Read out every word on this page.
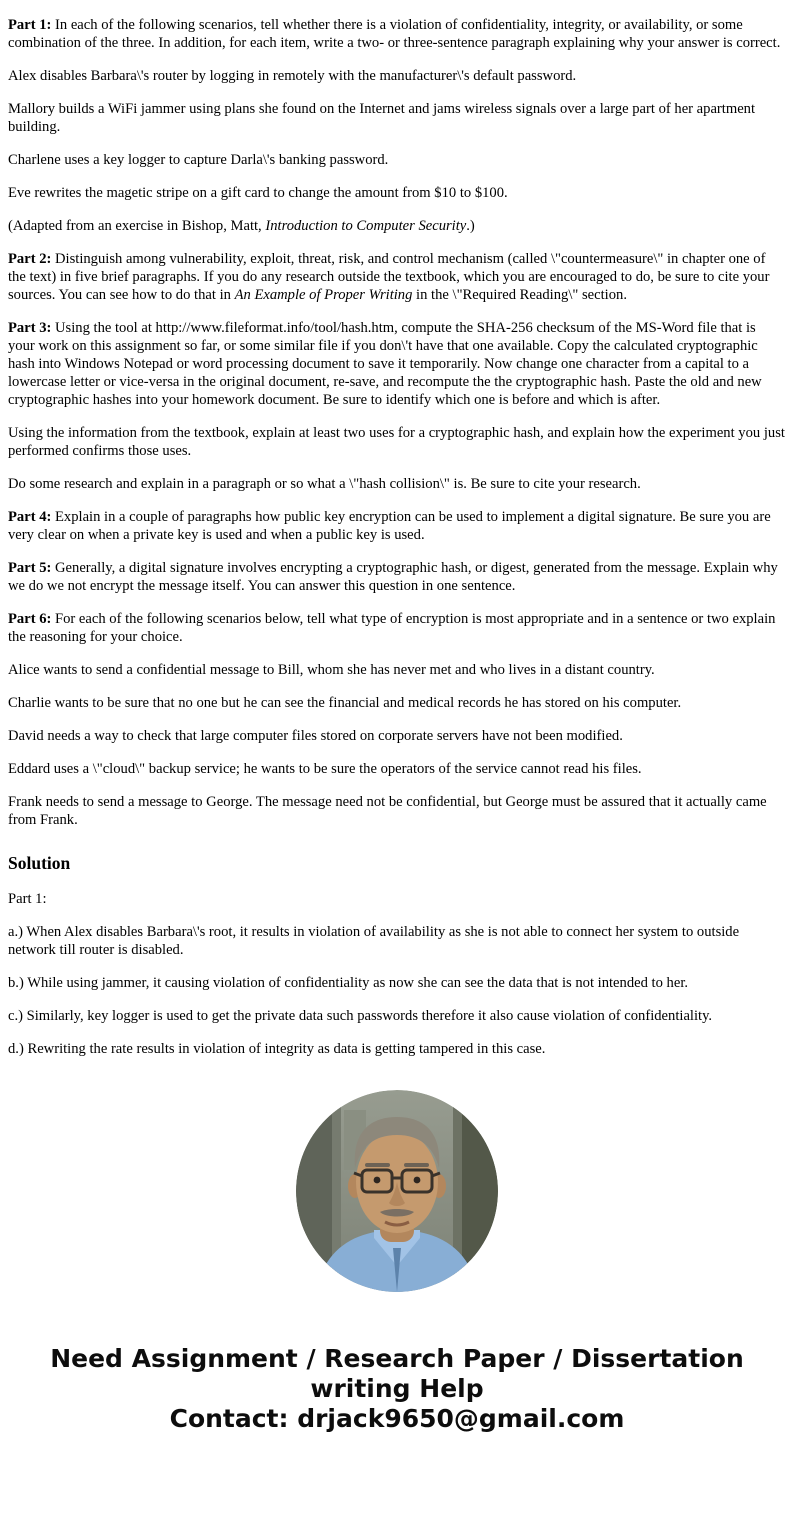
Part 1: In each of the following scenarios, tell whether there is a violation of confidentiality, integrity, or availability, or some combination of the three. In addition, for each item, write a two- or three-sentence paragraph explaining why your answer is correct.

Alex disables Barbara\'s router by logging in remotely with the manufacturer\'s default password.

Mallory builds a WiFi jammer using plans she found on the Internet and jams wireless signals over a large part of her apartment building.

Charlene uses a key logger to capture Darla\'s banking password.

Eve rewrites the magetic stripe on a gift card to change the amount from $10 to $100.

(Adapted from an exercise in Bishop, Matt, Introduction to Computer Security.)

Part 2: Distinguish among vulnerability, exploit, threat, risk, and control mechanism (called \"countermeasure\" in chapter one of the text) in five brief paragraphs. If you do any research outside the textbook, which you are encouraged to do, be sure to cite your sources. You can see how to do that in An Example of Proper Writing in the \"Required Reading\" section.

Part 3: Using the tool at http://www.fileformat.info/tool/hash.htm, compute the SHA-256 checksum of the MS-Word file that is your work on this assignment so far, or some similar file if you don\'t have that one available. Copy the calculated cryptographic hash into Windows Notepad or word processing document to save it temporarily. Now change one character from a capital to a lowercase letter or vice-versa in the original document, re-save, and recompute the the cryptographic hash. Paste the old and new cryptographic hashes into your homework document. Be sure to identify which one is before and which is after.

Using the information from the textbook, explain at least two uses for a cryptographic hash, and explain how the experiment you just performed confirms those uses.

Do some research and explain in a paragraph or so what a \"hash collision\" is. Be sure to cite your research.

Part 4: Explain in a couple of paragraphs how public key encryption can be used to implement a digital signature. Be sure you are very clear on when a private key is used and when a public key is used.

Part 5: Generally, a digital signature involves encrypting a cryptographic hash, or digest, generated from the message. Explain why we do we not encrypt the message itself. You can answer this question in one sentence.

Part 6: For each of the following scenarios below, tell what type of encryption is most appropriate and in a sentence or two explain the reasoning for your choice.

Alice wants to send a confidential message to Bill, whom she has never met and who lives in a distant country.

Charlie wants to be sure that no one but he can see the financial and medical records he has stored on his computer.

David needs a way to check that large computer files stored on corporate servers have not been modified.

Eddard uses a \"cloud\" backup service; he wants to be sure the operators of the service cannot read his files.

Frank needs to send a message to George. The message need not be confidential, but George must be assured that it actually came from Frank.

Solution

Part 1:

a.) When Alex disables Barbara\'s root, it results in violation of availability as she is not able to connect her system to outside network till router is disabled.

b.) While using jammer, it causing violation of confidentiality as now she can see the data that is not intended to her.

c.) Similarly, key logger is used to get the private data such passwords therefore it also cause violation of confidentiality.

d.) Rewriting the rate results in violation of integrity as data is getting tampered in this case.

Need Assignment / Research Paper / Dissertation
writing Help
Contact: drjack9650@gmail.com
